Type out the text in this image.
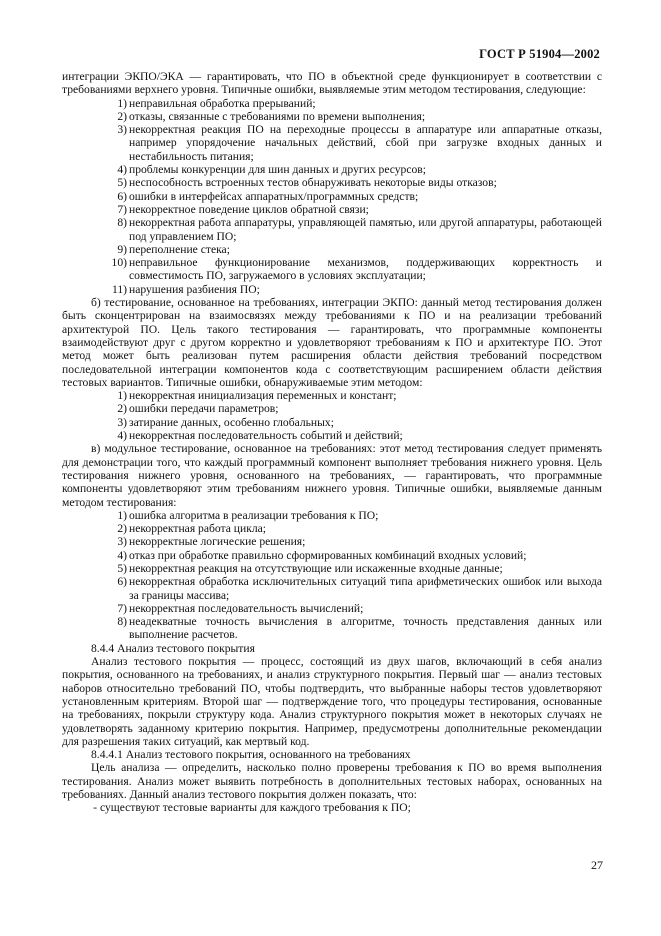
ГОСТ Р 51904—2002

интеграции ЭКПО/ЭКА — гарантировать, что ПО в объектной среде функционирует в соответствии с требованиями верхнего уровня. Типичные ошибки, выявляемые этим методом тестирования, следующие:

1) неправильная обработка прерываний;
2) отказы, связанные с требованиями по времени выполнения;
3) некорректная реакция ПО на переходные процессы в аппаратуре или аппаратные отказы, например упорядочение начальных действий, сбой при загрузке входных данных и нестабильность питания;
4) проблемы конкуренции для шин данных и других ресурсов;
5) неспособность встроенных тестов обнаруживать некоторые виды отказов;
6) ошибки в интерфейсах аппаратных/программных средств;
7) некорректное поведение циклов обратной связи;
8) некорректная работа аппаратуры, управляющей памятью, или другой аппаратуры, работающей под управлением ПО;
9) переполнение стека;
10) неправильное функционирование механизмов, поддерживающих корректность и совместимость ПО, загружаемого в условиях эксплуатации;
11) нарушения разбиения ПО;

б) тестирование, основанное на требованиях, интеграции ЭКПО: данный метод тестирования должен быть сконцентрирован на взаимосвязях между требованиями к ПО и на реализации требований архитектурой ПО. Цель такого тестирования — гарантировать, что программные компоненты взаимодействуют друг с другом корректно и удовлетворяют требованиям к ПО и архитектуре ПО. Этот метод может быть реализован путем расширения области действия требований посредством последовательной интеграции компонентов кода с соответствующим расширением области действия тестовых вариантов. Типичные ошибки, обнаруживаемые этим методом:

1) некорректная инициализация переменных и констант;
2) ошибки передачи параметров;
3) затирание данных, особенно глобальных;
4) некорректная последовательность событий и действий;

в) модульное тестирование, основанное на требованиях: этот метод тестирования следует применять для демонстрации того, что каждый программный компонент выполняет требования нижнего уровня. Цель тестирования нижнего уровня, основанного на требованиях, — гарантировать, что программные компоненты удовлетворяют этим требованиям нижнего уровня. Типичные ошибки, выявляемые данным методом тестирования:

1) ошибка алгоритма в реализации требования к ПО;
2) некорректная работа цикла;
3) некорректные логические решения;
4) отказ при обработке правильно сформированных комбинаций входных условий;
5) некорректная реакция на отсутствующие или искаженные входные данные;
6) некорректная обработка исключительных ситуаций типа арифметических ошибок или выхода за границы массива;
7) некорректная последовательность вычислений;
8) неадекватные точность вычисления в алгоритме, точность представления данных или выполнение расчетов.

8.4.4 Анализ тестового покрытия

Анализ тестового покрытия — процесс, состоящий из двух шагов, включающий в себя анализ покрытия, основанного на требованиях, и анализ структурного покрытия. Первый шаг — анализ тестовых наборов относительно требований ПО, чтобы подтвердить, что выбранные наборы тестов удовлетворяют установленным критериям. Второй шаг — подтверждение того, что процедуры тестирования, основанные на требованиях, покрыли структуру кода. Анализ структурного покрытия может в некоторых случаях не удовлетворять заданному критерию покрытия. Например, предусмотрены дополнительные рекомендации для разрешения таких ситуаций, как мертвый код.

8.4.4.1 Анализ тестового покрытия, основанного на требованиях

Цель анализа — определить, насколько полно проверены требования к ПО во время выполнения тестирования. Анализ может выявить потребность в дополнительных тестовых наборах, основанных на требованиях. Данный анализ тестового покрытия должен показать, что:

- существуют тестовые варианты для каждого требования к ПО;
27
